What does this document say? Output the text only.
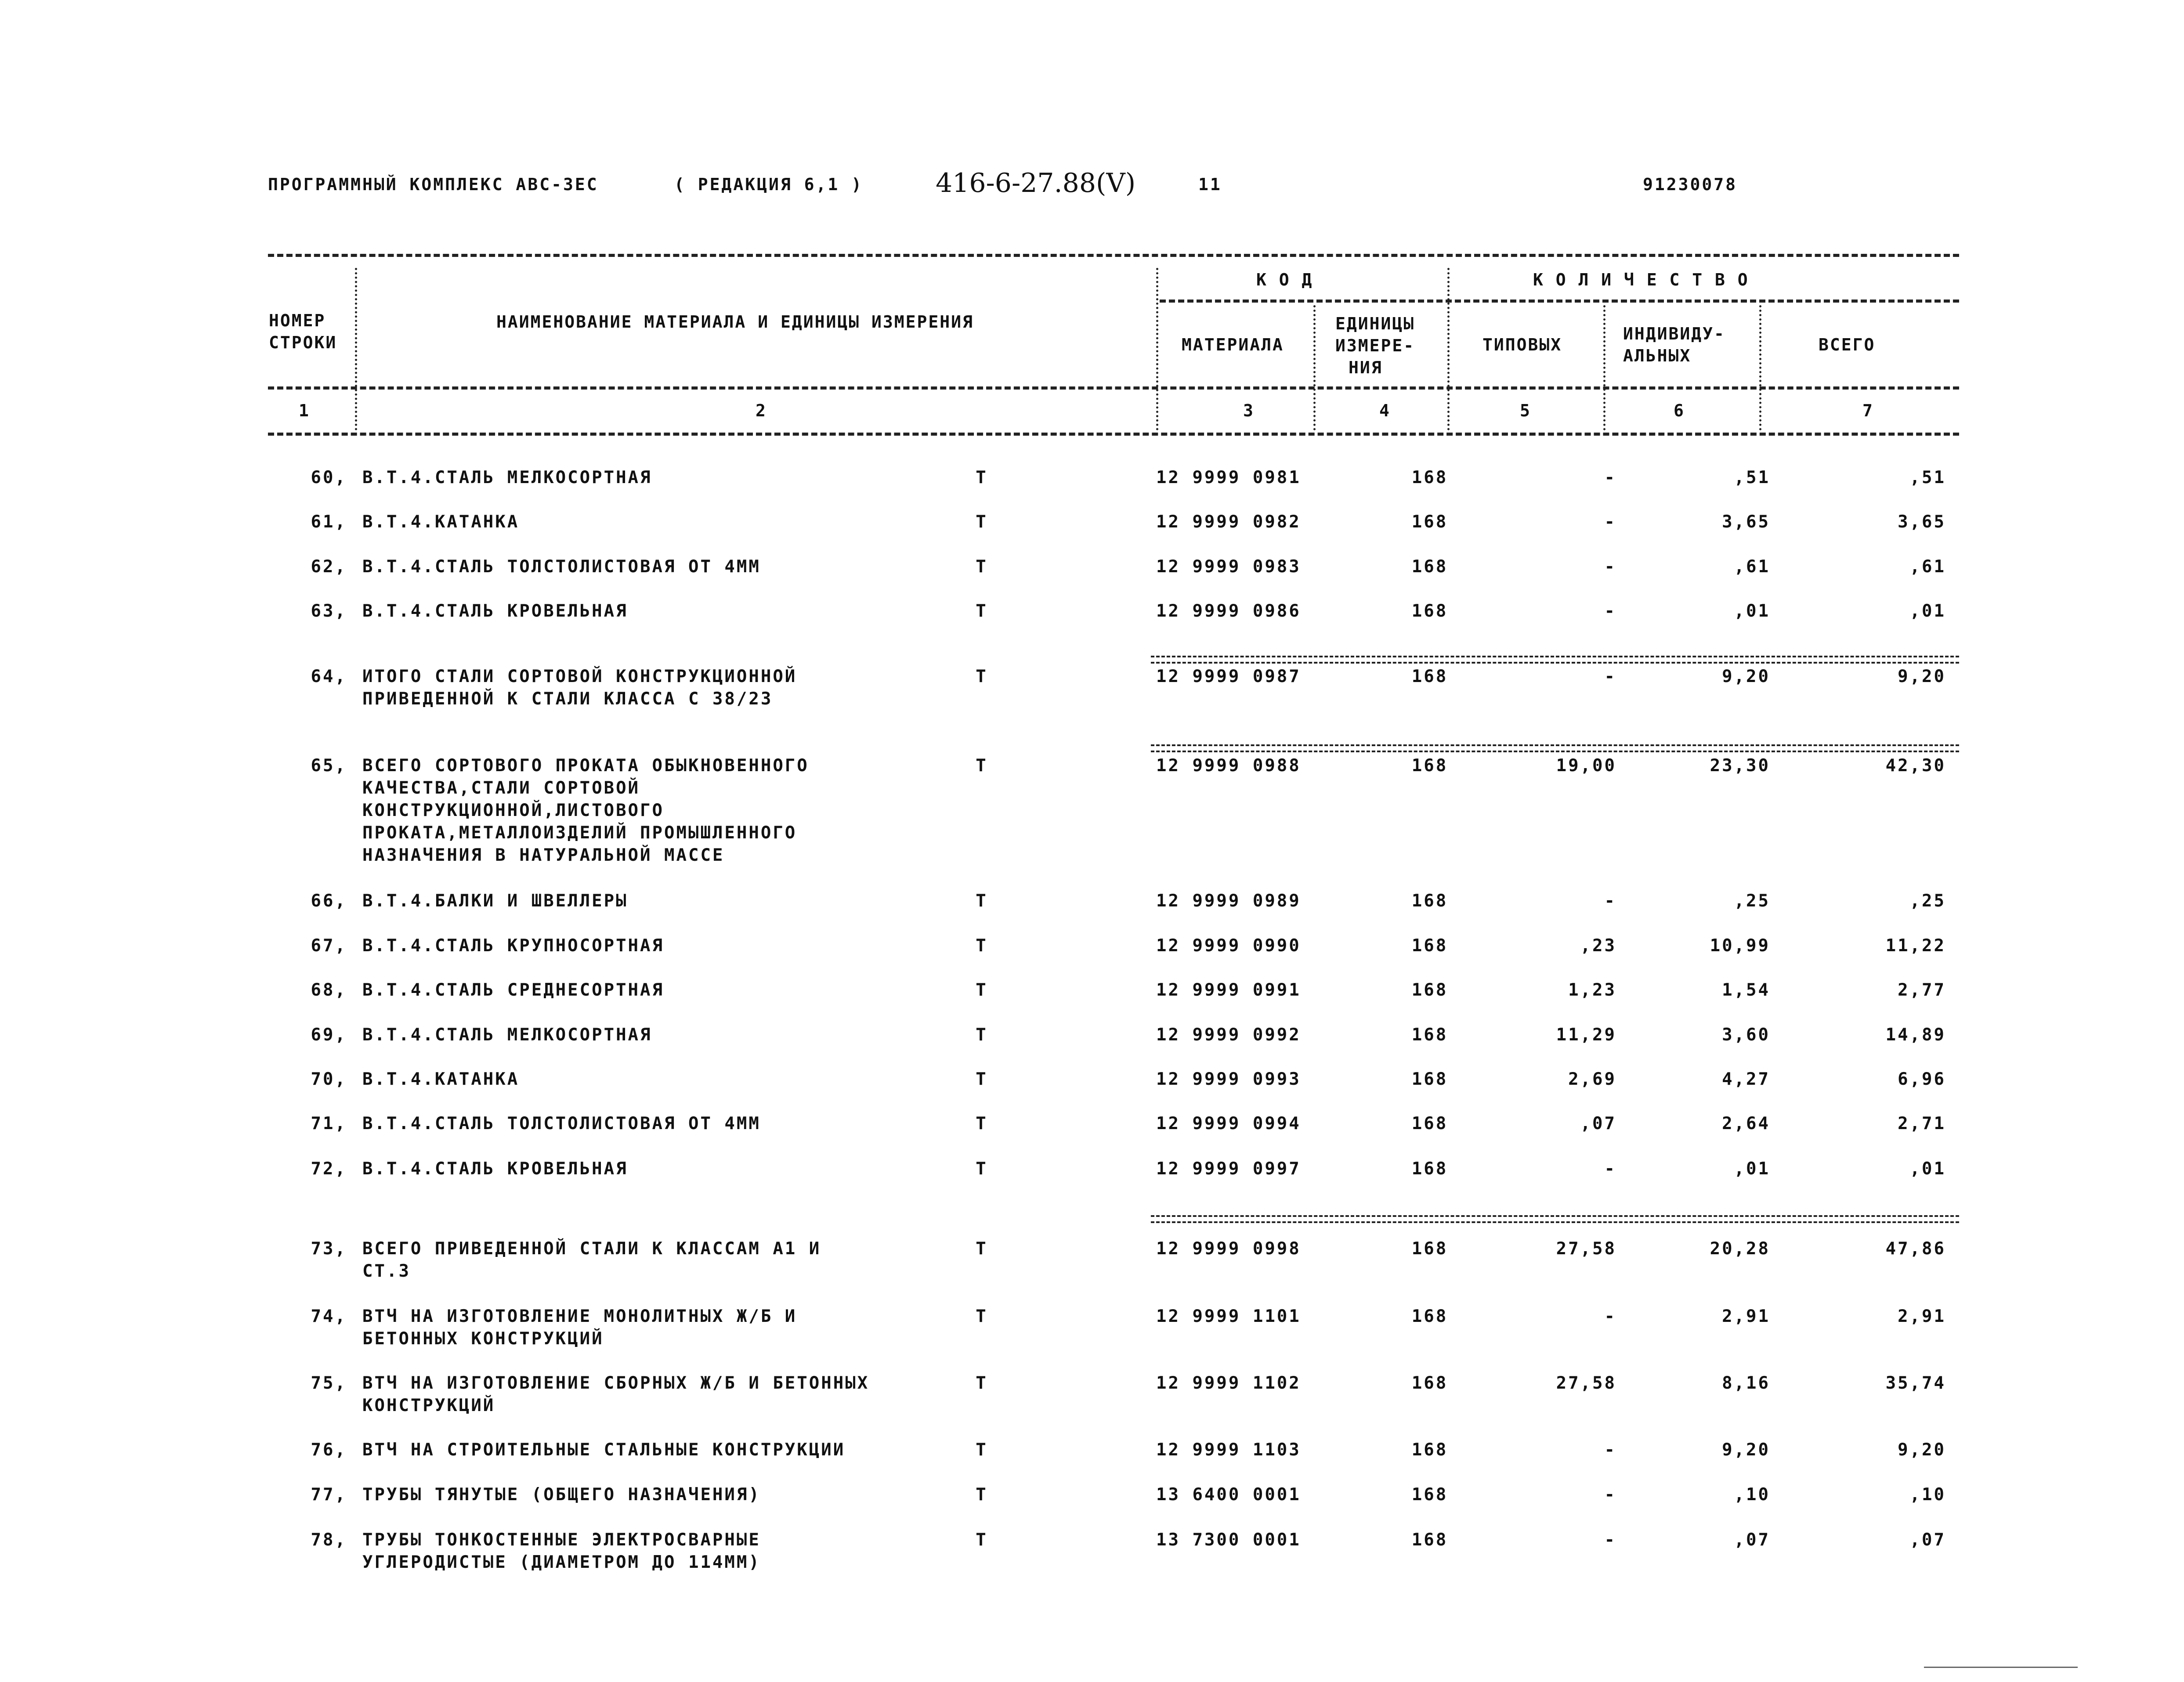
ПРОГРАММНЫЙ КОМПЛЕКС АВС-3ЕС	( РЕДАКЦИЯ 6,1 )	416-6-27.88(V)	11	91230078
НОМЕР
СТРОКИ
НАИМЕНОВАНИЕ МАТЕРИАЛА И ЕДИНИЦЫ ИЗМЕРЕНИЯ
К О Д	К О Л И Ч Е С Т В О
МАТЕРИАЛА
ЕДИНИЦЫ
ИЗМЕРЕ-
НИЯ
ТИПОВЫХ
ИНДИВИДУ-
АЛЬНЫХ
ВСЕГО
1	2	3	4	5	6	7
60, В.Т.4.СТАЛЬ МЕЛКОСОРТНАЯ	Т	12 9999 0981	168	-	,51	,51
61, В.Т.4.КАТАНКА	Т	12 9999 0982	168	-	3,65	3,65
62, В.Т.4.СТАЛЬ ТОЛСТОЛИСТОВАЯ ОТ 4ММ	Т	12 9999 0983	168	-	,61	,61
63, В.Т.4.СТАЛЬ КРОВЕЛЬНАЯ	Т	12 9999 0986	168	-	,01	,01
64, ИТОГО СТАЛИ СОРТОВОЙ КОНСТРУКЦИОННОЙ
ПРИВЕДЕННОЙ К СТАЛИ КЛАССА С 38/23
Т	12 9999 0987	168	-	9,20	9,20
65, ВСЕГО СОРТОВОГО ПРОКАТА ОБЫКНОВЕННОГО
КАЧЕСТВА,СТАЛИ СОРТОВОЙ
КОНСТРУКЦИОННОЙ,ЛИСТОВОГО
ПРОКАТА,МЕТАЛЛОИЗДЕЛИЙ ПРОМЫШЛЕННОГО
НАЗНАЧЕНИЯ В НАТУРАЛЬНОЙ МАССЕ
Т	12 9999 0988	168	19,00	23,30	42,30
66, В.Т.4.БАЛКИ И ШВЕЛЛЕРЫ	Т	12 9999 0989	168	-	,25	,25
67, В.Т.4.СТАЛЬ КРУПНОСОРТНАЯ	Т	12 9999 0990	168	,23	10,99	11,22
68, В.Т.4.СТАЛЬ СРЕДНЕСОРТНАЯ	Т	12 9999 0991	168	1,23	1,54	2,77
69, В.Т.4.СТАЛЬ МЕЛКОСОРТНАЯ	Т	12 9999 0992	168	11,29	3,60	14,89
70, В.Т.4.КАТАНКА	Т	12 9999 0993	168	2,69	4,27	6,96
71, В.Т.4.СТАЛЬ ТОЛСТОЛИСТОВАЯ ОТ 4ММ	Т	12 9999 0994	168	,07	2,64	2,71
72, В.Т.4.СТАЛЬ КРОВЕЛЬНАЯ	Т	12 9999 0997	168	-	,01	,01
73, ВСЕГО ПРИВЕДЕННОЙ СТАЛИ К КЛАССАМ А1 И
СТ.3
Т	12 9999 0998	168	27,58	20,28	47,86
74, ВТЧ НА ИЗГОТОВЛЕНИЕ МОНОЛИТНЫХ Ж/Б И
БЕТОННЫХ КОНСТРУКЦИЙ
Т	12 9999 1101	168	-	2,91	2,91
75, ВТЧ НА ИЗГОТОВЛЕНИЕ СБОРНЫХ Ж/Б И БЕТОННЫХ
КОНСТРУКЦИЙ
Т	12 9999 1102	168	27,58	8,16	35,74
76, ВТЧ НА СТРОИТЕЛЬНЫЕ СТАЛЬНЫЕ КОНСТРУКЦИИ	Т	12 9999 1103	168	-	9,20	9,20
77, ТРУБЫ ТЯНУТЫЕ (ОБЩЕГО НАЗНАЧЕНИЯ)	Т	13 6400 0001	168	-	,10	,10
78, ТРУБЫ ТОНКОСТЕННЫЕ ЭЛЕКТРОСВАРНЫЕ
УГЛЕРОДИСТЫЕ (ДИАМЕТРОМ ДО 114ММ)
Т	13 7300 0001	168	-	,07	,07
